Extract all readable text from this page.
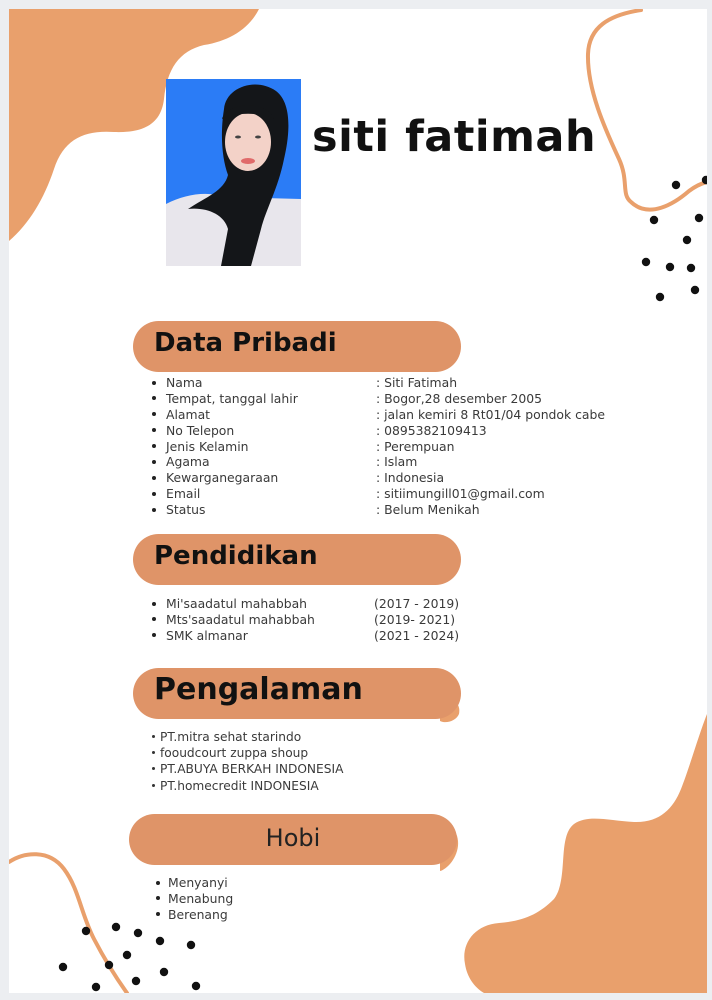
siti fatimah
Data Pribadi
Nama	: Siti Fatimah
Tempat, tanggal lahir	: Bogor,28 desember 2005
Alamat	: jalan kemiri 8 Rt01/04 pondok cabe
No Telepon	: 0895382109413
Jenis Kelamin	: Perempuan
Agama	: Islam
Kewarganegaraan	: Indonesia
Email	: sitiimungill01@gmail.com
Status	: Belum Menikah
Pendidikan
Mi'saadatul mahabbah	(2017 - 2019)
Mts'saadatul mahabbah	(2019- 2021)
SMK almanar	(2021 - 2024)
Pengalaman
PT.mitra sehat starindo
fooudcourt zuppa shoup
PT.ABUYA BERKAH INDONESIA
PT.homecredit INDONESIA
Hobi
Menyanyi
Menabung
Berenang
